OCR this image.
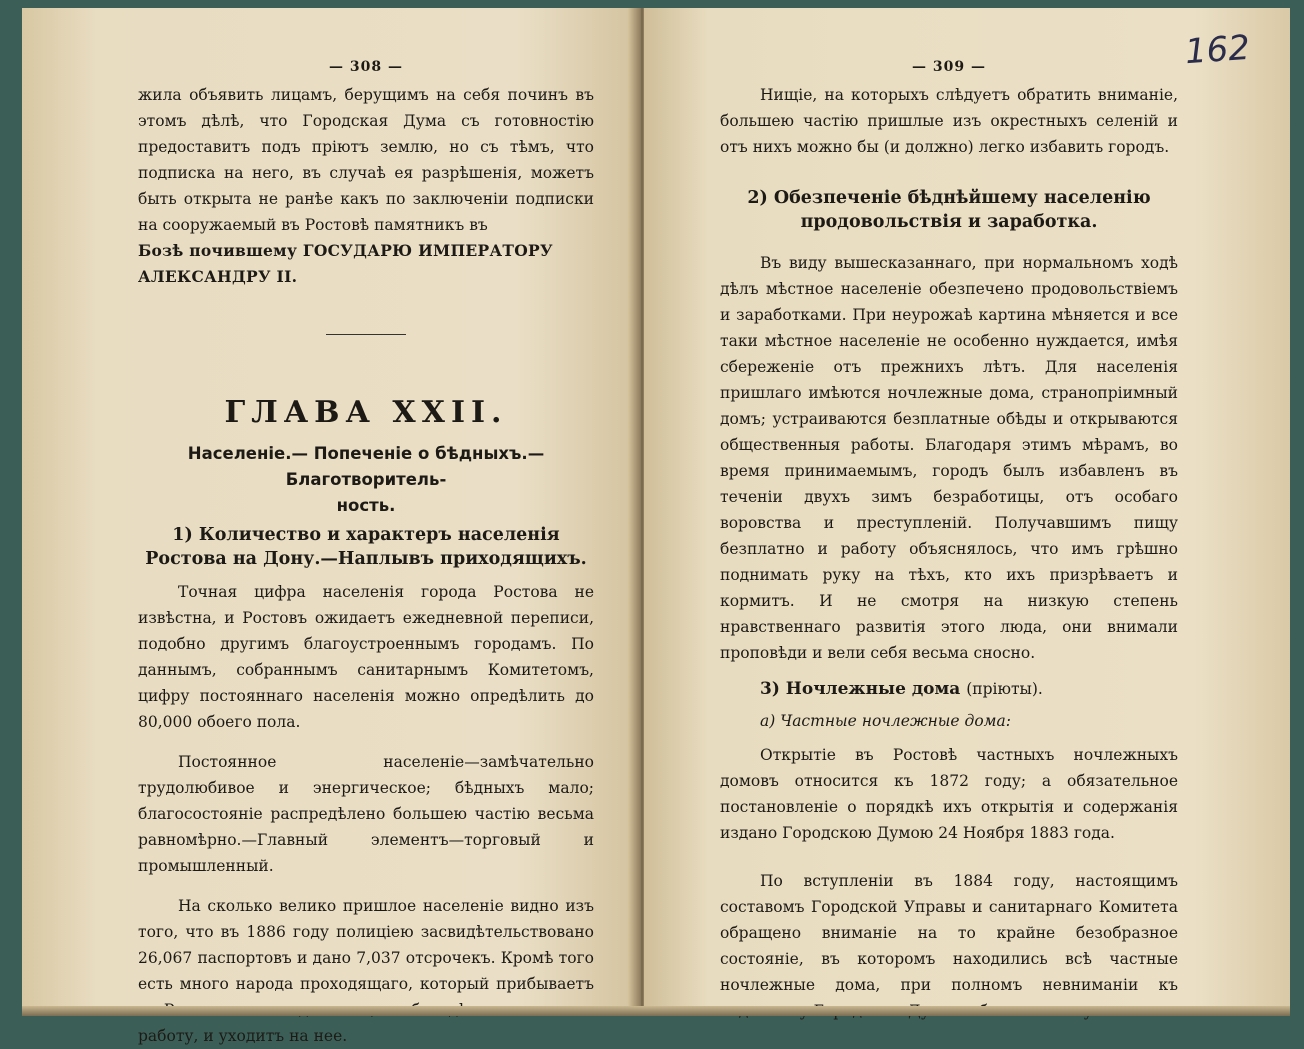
— 308 —

жила объявить лицамъ, берущимъ на себя починъ въ этомъ дѣлѣ, что Городская Дума съ готовностію предоставитъ подъ пріютъ землю, но съ тѣмъ, что подписка на него, въ случаѣ ея разрѣшенія, можетъ быть открыта не ранѣе какъ по заключеніи подписки на сооружаемый въ Ростовѣ памятникъ въ

Бозѣ почившему ГОСУДАРЮ ИМПЕРАТОРУ АЛЕКСАНДРУ II.

ГЛАВА XXII.
Населеніе.— Попеченіе о бѣдныхъ.—Благотворитель-
ность.
1) Количество и характеръ населенія Ростова на Дону.—Наплывъ приходящихъ.

Точная цифра населенія города Ростова не извѣстна, и Ростовъ ожидаетъ ежедневной переписи, подобно другимъ благоустроеннымъ городамъ. По даннымъ, собраннымъ санитарнымъ Комитетомъ, цифру постояннаго населенія можно опредѣлить до 80,000 обоего пола.

Постоянное населеніе—замѣчательно трудолюбивое и энергическое; бѣдныхъ мало; благосостояніе распредѣлено большею частію весьма равномѣрно.—Главный элементъ—торговый и промышленный.

На сколько велико пришлое населеніе видно изъ того, что въ 1886 году полиціею засвидѣтельствовано 26,067 паспортовъ и дано 7,037 отсрочекъ. Кромѣ того есть много народа проходящаго, который прибываетъ работу, и уходитъ на нее.

162
— 309 —

Нищіе, на которыхъ слѣдуетъ обратить вниманіе, большею частію пришлые изъ окрестныхъ селеній и отъ нихъ можно бы (и должно) легко избавить городъ.

2) Обезпеченіе бѣднѣйшему населенію продовольствія и заработка.

Въ виду вышесказаннаго, при нормальномъ ходѣ дѣлъ мѣстное населеніе обезпечено продовольствіемъ и заработками. При неурожаѣ картина мѣняется и все таки мѣстное населеніе не особенно нуждается, имѣя сбереженіе отъ прежнихъ лѣтъ. Для населенія пришлаго имѣются ночлежные дома, странопріимный домъ; устраиваются безплатные обѣды и открываются общественныя работы. Благодаря этимъ мѣрамъ, во время принимаемымъ, городъ былъ избавленъ въ теченіи двухъ зимъ безработицы, отъ особаго воровства и преступленій. Получавшимъ пищу безплатно и работу объяснялось, что имъ грѣшно поднимать руку на тѣхъ, кто ихъ призрѣваетъ и кормитъ. И не смотря на низкую степень нравственнаго развитія этого люда, они внимали проповѣди и вели себя весьма сносно.

3) Ночлежные дома (пріюты).
а) Частные ночлежные дома:

Открытіе въ Ростовѣ частныхъ ночлежныхъ домовъ относится къ 1872 году; а обязательное постановленіе о порядкѣ ихъ открытія и содержанія издано Городскою Думою 24 Ноября 1883 года.

По вступленіи въ 1884 году, настоящимъ составомъ Городской Управы и санитарнаго Комитета обращено вниманіе на то крайне безобразное состояніе, въ которомъ находились всѣ частные ночлежные дома, при полномъ невниманіи къ
